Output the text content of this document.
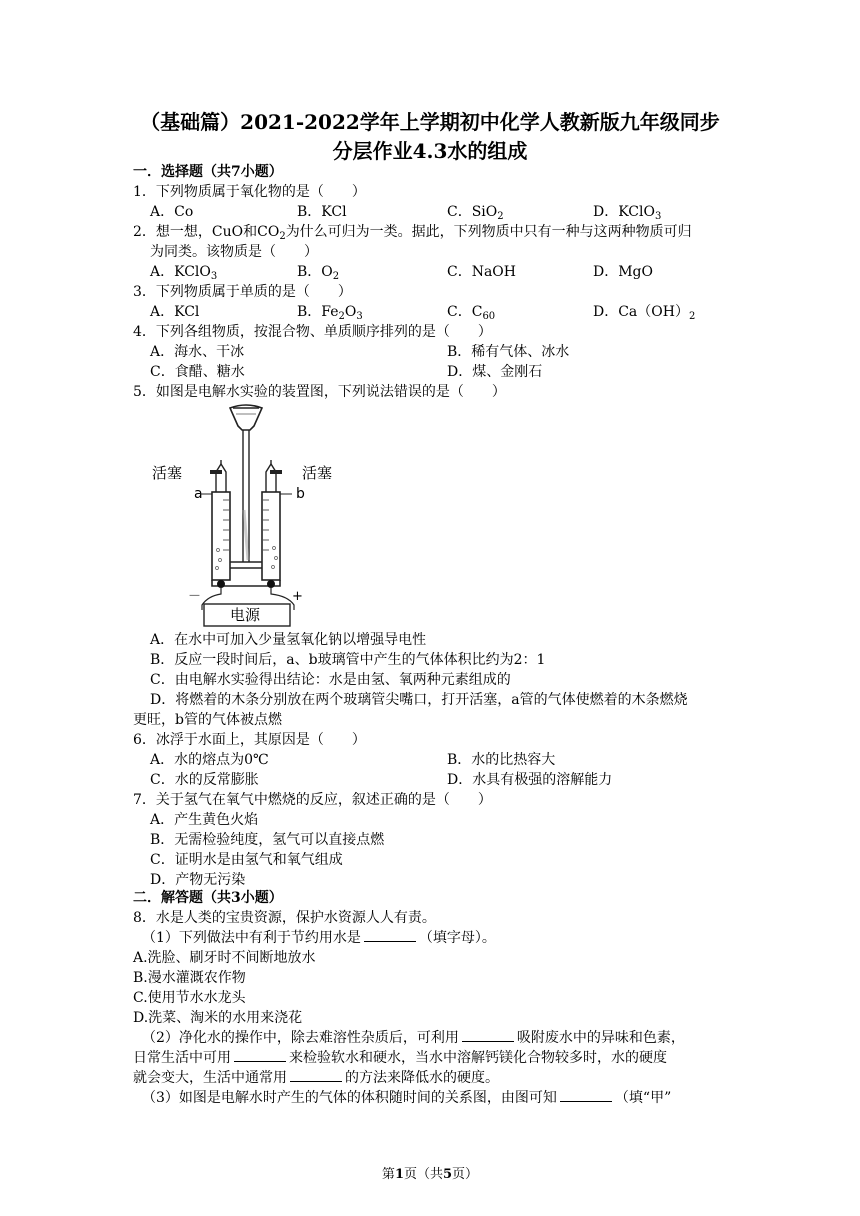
（基础篇）2021-2022学年上学期初中化学人教新版九年级同步
分层作业4.3水的组成
一．选择题（共7小题）
1．下列物质属于氧化物的是（　　）
A．Co	B．KCl	C．SiO$_2$	D．KClO$_3$
2．想一想，CuO和$CO_2$为什么可归为一类。据此，下列物质中只有一种与这两种物质可归
为同类。该物质是（　　）
A．KClO$_3$	B．$O_2$	C．NaOH	D．MgO
3．下列物质属于单质的是（　　）
A．KCl	B．$Fe_2O_3$	C．$C_{60}$	D．$Ca(OH)_2$
4．下列各组物质，按混合物、单质顺序排列的是（　　）
A．海水、干冰	B．稀有气体、冰水
C．食醋、糖水	D．煤、金刚石
5．如图是电解水实验的装置图，下列说法错误的是（　　）
活塞	活塞
a	b
－	+
电源
A．在水中可加入少量氢氧化钠以增强导电性
B．反应一段时间后，a、b玻璃管中产生的气体体积比约为2：1
C．由电解水实验得出结论：水是由氢、氧两种元素组成的
D．将燃着的木条分别放在两个玻璃管尖嘴口，打开活塞，a管的气体使燃着的木条燃烧
更旺，b管的气体被点燃
6．冰浮于水面上，其原因是（　　）
A．水的熔点为0℃	B．水的比热容大
C．水的反常膨胀	D．水具有极强的溶解能力
7．关于氢气在氧气中燃烧的反应，叙述正确的是（　　）
A．产生黄色火焰
B．无需检验纯度，氢气可以直接点燃
C．证明水是由氢气和氧气组成
D．产物无污染
二．解答题（共3小题）
8．水是人类的宝贵资源，保护水资源人人有责。
（1）下列做法中有利于节约用水是	（填字母）。
A.洗脸、刷牙时不间断地放水
B.漫水灌溉农作物
C.使用节水水龙头
D.洗菜、淘米的水用来浇花
（2）净化水的操作中，除去难溶性杂质后，可利用	吸附废水中的异味和色素，
日常生活中可用	来检验软水和硬水，当水中溶解钙镁化合物较多时，水的硬度
就会变大，生活中通常用	的方法来降低水的硬度。
（3）如图是电解水时产生的气体的体积随时间的关系图，由图可知	（填“甲”
第1页（共5页）
